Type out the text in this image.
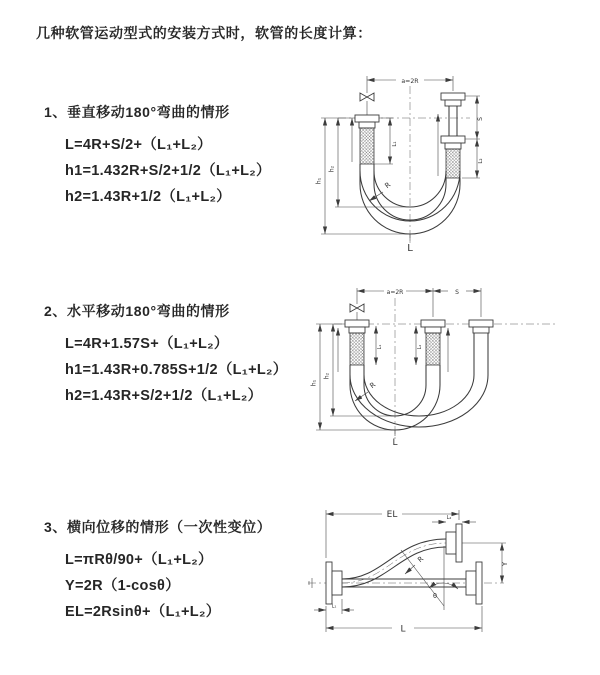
几种软管运动型式的安装方式时，软管的长度计算：
1、垂直移动180°弯曲的情形
L=4R+S/2+（L₁+L₂）
h1=1.432R+S/2+1/2（L₁+L₂）
h2=1.43R+1/2（L₁+L₂）
a=2R
L₁
S
L₂
h₁
h₂
R
L
2、水平移动180°弯曲的情形
L=4R+1.57S+（L₁+L₂）
h1=1.43R+0.785S+1/2（L₁+L₂）
h2=1.43R+S/2+1/2（L₁+L₂）
a=2R	S
L₁	L₂
h₁
h₂
R
L
3、横向位移的情形（一次性变位）
L=πRθ/90+（L₁+L₂）
Y=2R（1-cosθ）
EL=2Rsinθ+（L₁+L₂）
EL	L₂
Y
R
θ
L₁
L
